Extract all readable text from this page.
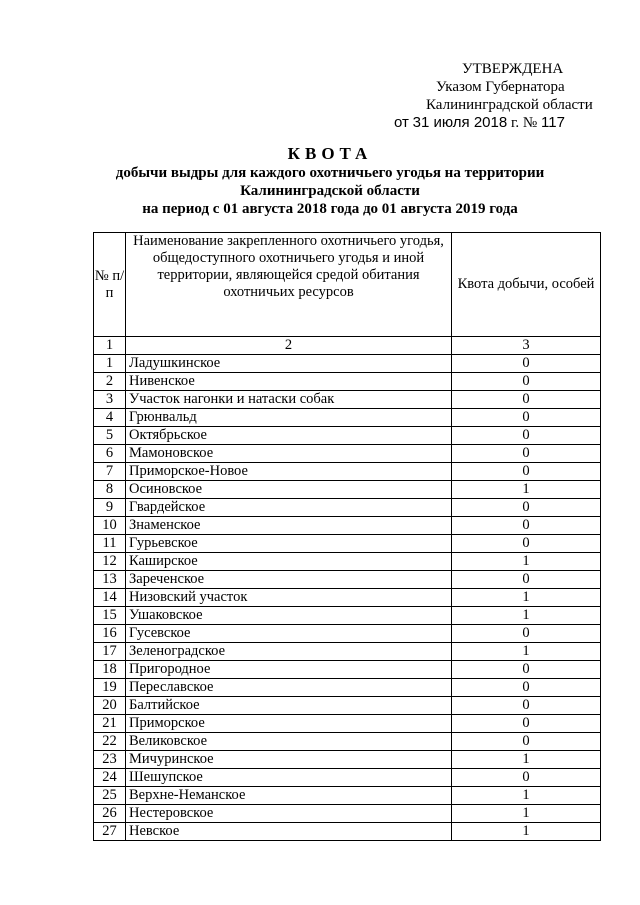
УТВЕРЖДЕНА
Указом Губернатора
Калининградской области
от 31 июля 2018 г. № 117
КВОТА
добычи выдры для каждого охотничьего угодья на территории
Калининградской области
на период с 01 августа 2018 года до 01 августа 2019 года
№ п/п	Наименование закрепленного охотничьего угодья, общедоступного охотничьего угодья и иной территории, являющейся средой обитания охотничьих ресурсов	Квота добычи, особей

1	2	3
1	Ладушкинское	0
2	Нивенское	0
3	Участок нагонки и натаски собак	0
4	Грюнвальд	0
5	Октябрьское	0
6	Мамоновское	0
7	Приморское-Новое	0
8	Осиновское	1
9	Гвардейское	0
10	Знаменское	0
11	Гурьевское	0
12	Каширское	1
13	Зареченское	0
14	Низовский участок	1
15	Ушаковское	1
16	Гусевское	0
17	Зеленоградское	1
18	Пригородное	0
19	Переславское	0
20	Балтийское	0
21	Приморское	0
22	Великовское	0
23	Мичуринское	1
24	Шешупское	0
25	Верхне-Неманское	1
26	Нестеровское	1
27	Невское	1
